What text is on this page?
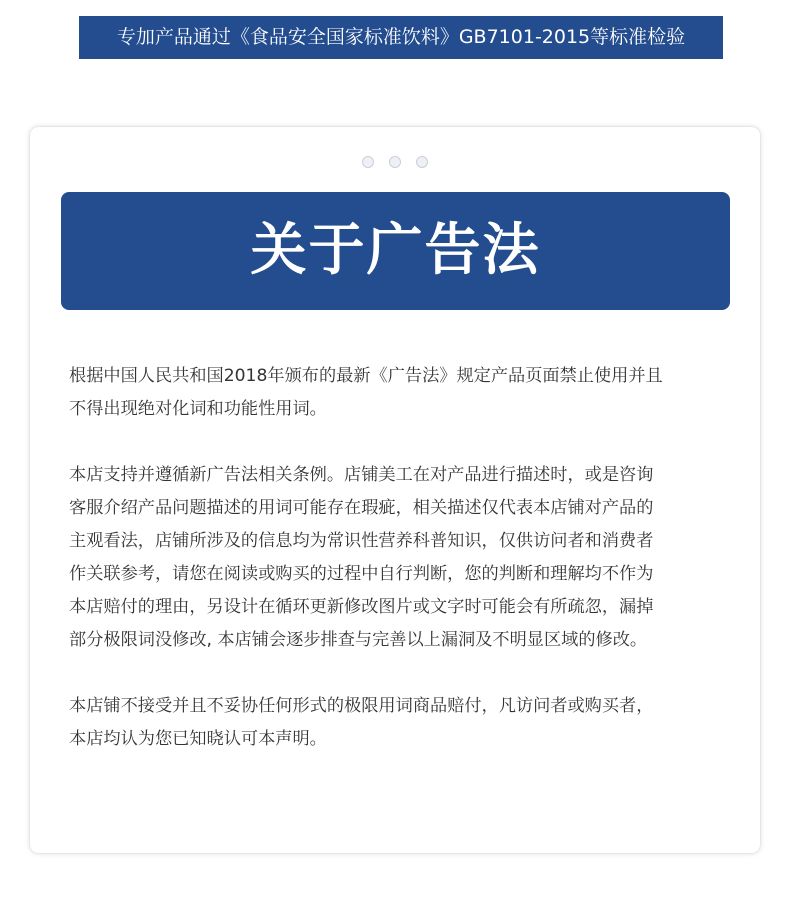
专加产品通过《食品安全国家标准饮料》GB7101-2015等标准检验
关于广告法

根据中国人民共和国2018年颁布的最新《广告法》规定产品页面禁止使用并且
不得出现绝对化词和功能性用词。

本店支持并遵循新广告法相关条例。店铺美工在对产品进行描述时，或是咨询
客服介绍产品问题描述的用词可能存在瑕疵，相关描述仅代表本店铺对产品的
主观看法，店铺所涉及的信息均为常识性营养科普知识，仅供访问者和消费者
作关联参考，请您在阅读或购买的过程中自行判断，您的判断和理解均不作为
本店赔付的理由，另设计在循环更新修改图片或文字时可能会有所疏忽，漏掉
部分极限词没修改, 本店铺会逐步排查与完善以上漏洞及不明显区域的修改。

本店铺不接受并且不妥协任何形式的极限用词商品赔付，凡访问者或购买者，
本店均认为您已知晓认可本声明。
